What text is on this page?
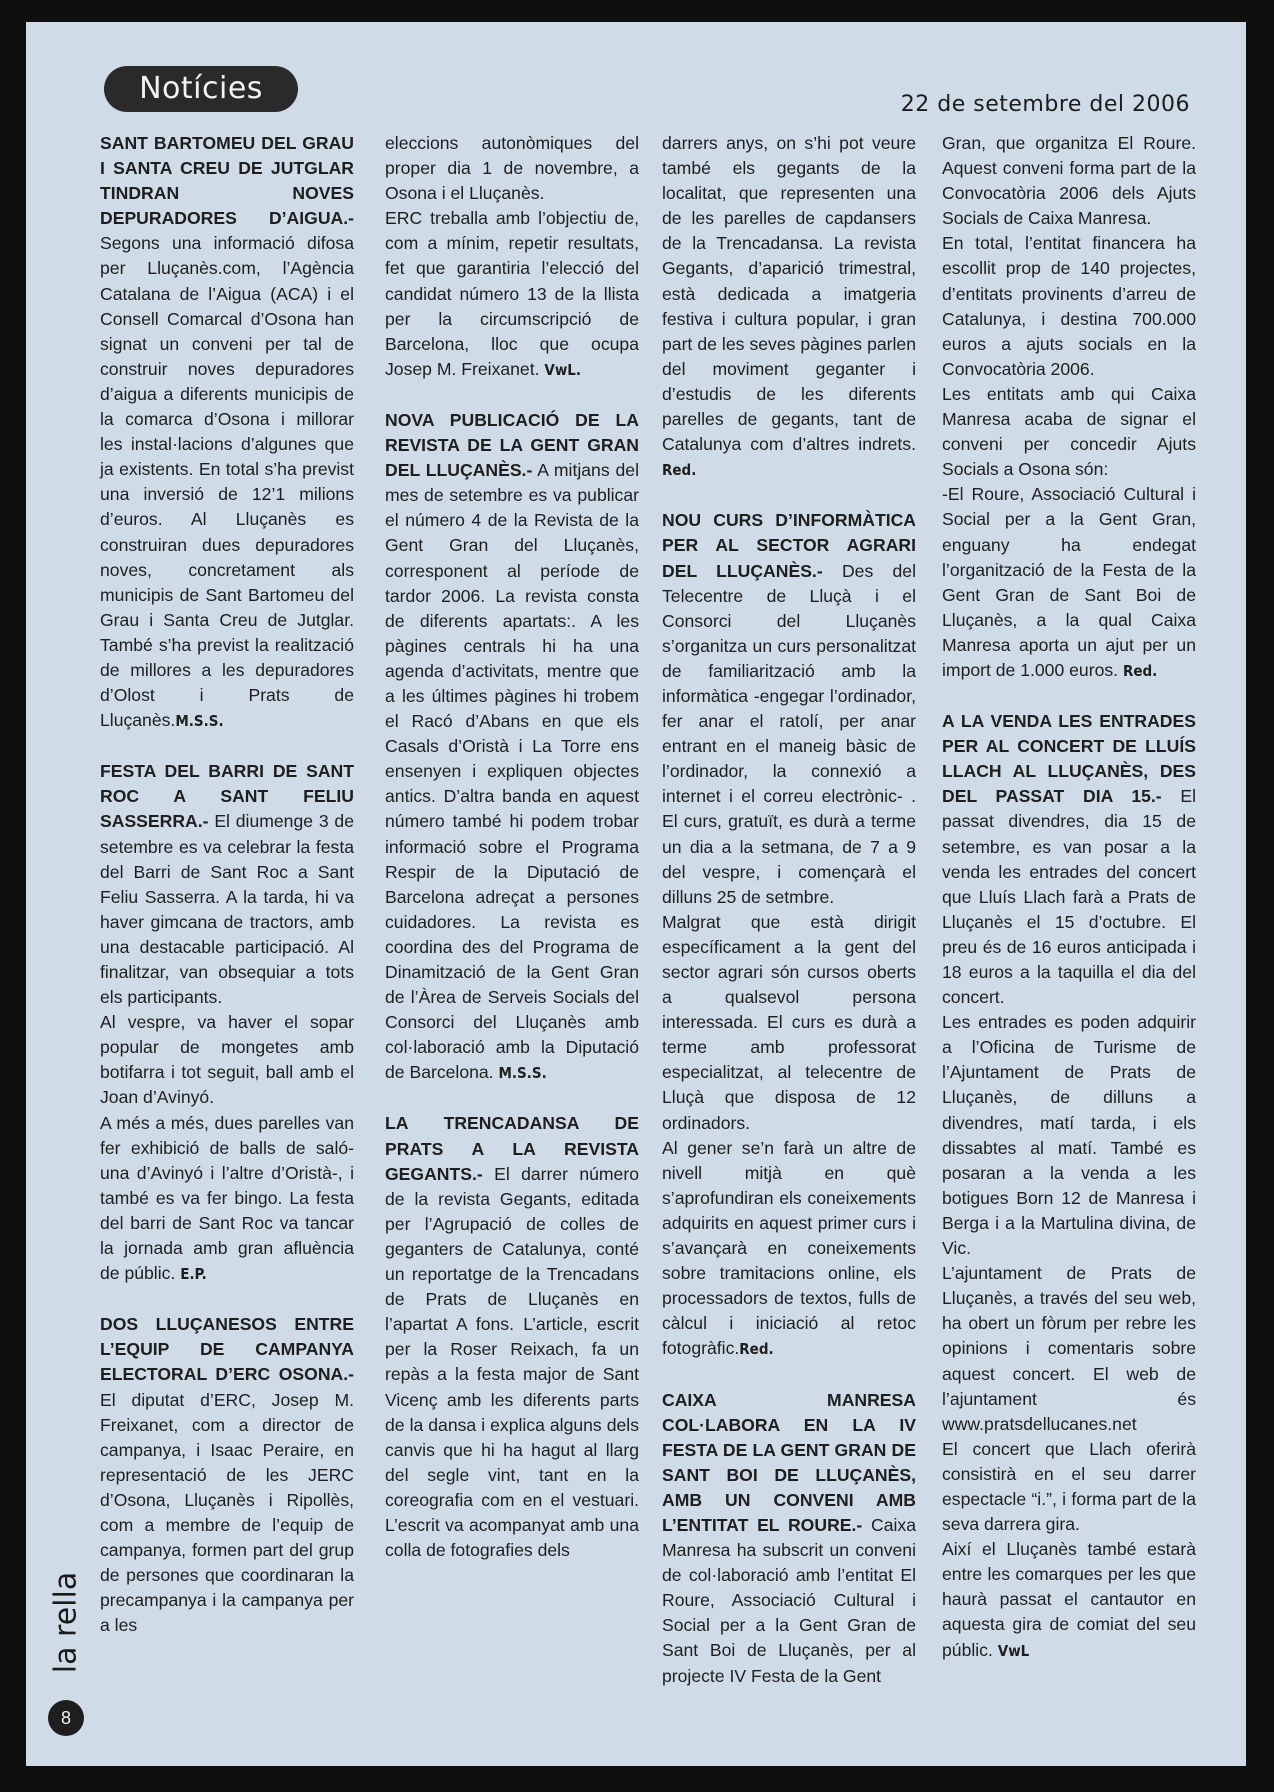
Notícies	22 de setembre del 2006

SANT BARTOMEU DEL GRAU I SANTA CREU DE JUTGLAR TINDRAN NOVES DEPURADORES D’AIGUA.- Segons una informació difosa per Lluçanès.com, l’Agència Catalana de l’Aigua (ACA) i el Consell Comarcal d’Osona han signat un conveni per tal de construir noves depuradores d’aigua a diferents municipis de la comarca d’Osona i millorar les instal·lacions d’algunes que ja existents. En total s’ha previst una inversió de 12’1 milions d’euros. Al Lluçanès es construiran dues depuradores noves, concretament als municipis de Sant Bartomeu del Grau i Santa Creu de Jutglar. També s’ha previst la realització de millores a les depuradores d’Olost i Prats de Lluçanès.M.S.S.

FESTA DEL BARRI DE SANT ROC A SANT FELIU SASSERRA.- El diumenge 3 de setembre es va celebrar la festa del Barri de Sant Roc a Sant Feliu Sasserra. A la tarda, hi va haver gimcana de tractors, amb una destacable participació. Al finalitzar, van obsequiar a tots els participants.

Al vespre, va haver el sopar popular de mongetes amb botifarra i tot seguit, ball amb el Joan d’Avinyó.

A més a més, dues parelles van fer exhibició de balls de saló- una d’Avinyó i l’altre d’Oristà-, i també es va fer bingo. La festa del barri de Sant Roc va tancar la jornada amb gran afluència de públic. E.P.

DOS LLUÇANESOS ENTRE L’EQUIP DE CAMPANYA ELECTORAL D’ERC OSONA.- El diputat d’ERC, Josep M. Freixanet, com a director de campanya, i Isaac Peraire, en representació de les JERC d’Osona, Lluçanès i Ripollès, com a membre de l’equip de campanya, formen part del grup de persones que coordinaran la precampanya i la campanya per a les

eleccions autonòmiques del proper dia 1 de novembre, a Osona i el Lluçanès.

ERC treballa amb l’objectiu de, com a mínim, repetir resultats, fet que garantiria l’elecció del candidat número 13 de la llista per la circumscripció de Barcelona, lloc que ocupa Josep M. Freixanet. VwL.

NOVA PUBLICACIÓ DE LA REVISTA DE LA GENT GRAN DEL LLUÇANÈS.- A mitjans del mes de setembre es va publicar el número 4 de la Revista de la Gent Gran del Lluçanès, corresponent al període de tardor 2006. La revista consta de diferents apartats:. A les pàgines centrals hi ha una agenda d’activitats, mentre que a les últimes pàgines hi trobem el Racó d’Abans en que els Casals d’Oristà i La Torre ens ensenyen i expliquen objectes antics. D’altra banda en aquest número també hi podem trobar informació sobre el Programa Respir de la Diputació de Barcelona adreçat a persones cuidadores. La revista es coordina des del Programa de Dinamització de la Gent Gran de l’Àrea de Serveis Socials del Consorci del Lluçanès amb col·laboració amb la Diputació de Barcelona. M.S.S.

LA TRENCADANSA DE PRATS A LA REVISTA GEGANTS.- El darrer número de la revista Gegants, editada per l’Agrupació de colles de geganters de Catalunya, conté un reportatge de la Trencadans de Prats de Lluçanès en l’apartat A fons. L’article, escrit per la Roser Reixach, fa un repàs a la festa major de Sant Vicenç amb les diferents parts de la dansa i explica alguns dels canvis que hi ha hagut al llarg del segle vint, tant en la coreografia com en el vestuari. L’escrit va acompanyat amb una colla de fotografies dels

darrers anys, on s’hi pot veure també els gegants de la localitat, que representen una de les parelles de capdansers de la Trencadansa. La revista Gegants, d’aparició trimestral, està dedicada a imatgeria festiva i cultura popular, i gran part de les seves pàgines parlen del moviment geganter i d’estudis de les diferents parelles de gegants, tant de Catalunya com d’altres indrets. Red.

NOU CURS D’INFORMÀTICA PER AL SECTOR AGRARI DEL LLUÇANÈS.- Des del Telecentre de Lluçà i el Consorci del Lluçanès s’organitza un curs personalitzat de familiarització amb la informàtica -engegar l’ordinador, fer anar el ratolí, per anar entrant en el maneig bàsic de l’ordinador, la connexió a internet i el correu electrònic- . El curs, gratuït, es durà a terme un dia a la setmana, de 7 a 9 del vespre, i començarà el dilluns 25 de setmbre.

Malgrat que està dirigit específicament a la gent del sector agrari són cursos oberts a qualsevol persona interessada. El curs es durà a terme amb professorat especialitzat, al telecentre de Lluçà que disposa de 12 ordinadors.

Al gener se’n farà un altre de nivell mitjà en què s’aprofundiran els coneixements adquirits en aquest primer curs i s’avançarà en coneixements sobre tramitacions online, els processadors de textos, fulls de càlcul i iniciació al retoc fotogràfic.Red.

CAIXA MANRESA COL·LABORA EN LA IV FESTA DE LA GENT GRAN DE SANT BOI DE LLUÇANÈS, AMB UN CONVENI AMB L’ENTITAT EL ROURE.- Caixa Manresa ha subscrit un conveni de col·laboració amb l’entitat El Roure, Associació Cultural i Social per a la Gent Gran de Sant Boi de Lluçanès, per al projecte IV Festa de la Gent

Gran, que organitza El Roure. Aquest conveni forma part de la Convocatòria 2006 dels Ajuts Socials de Caixa Manresa.

En total, l’entitat financera ha escollit prop de 140 projectes, d’entitats provinents d’arreu de Catalunya, i destina 700.000 euros a ajuts socials en la Convocatòria 2006.

Les entitats amb qui Caixa Manresa acaba de signar el conveni per concedir Ajuts Socials a Osona són:

-El Roure, Associació Cultural i Social per a la Gent Gran, enguany ha endegat l’organització de la Festa de la Gent Gran de Sant Boi de Lluçanès, a la qual Caixa Manresa aporta un ajut per un import de 1.000 euros. Red.

A LA VENDA LES ENTRADES PER AL CONCERT DE LLUÍS LLACH AL LLUÇANÈS, DES DEL PASSAT DIA 15.- El passat divendres, dia 15 de setembre, es van posar a la venda les entrades del concert que Lluís Llach farà a Prats de Lluçanès el 15 d’octubre. El preu és de 16 euros anticipada i 18 euros a la taquilla el dia del concert.

Les entrades es poden adquirir a l’Oficina de Turisme de l’Ajuntament de Prats de Lluçanès, de dilluns a divendres, matí tarda, i els dissabtes al matí. També es posaran a la venda a les botigues Born 12 de Manresa i Berga i a la Martulina divina, de Vic.

L’ajuntament de Prats de Lluçanès, a través del seu web, ha obert un fòrum per rebre les opinions i comentaris sobre aquest concert. El web de l’ajuntament és www.pratsdellucanes.net

El concert que Llach oferirà consistirà en el seu darrer espectacle “i.”, i forma part de la seva darrera gira.

Així el Lluçanès també estarà entre les comarques per les que haurà passat el cantautor en aquesta gira de comiat del seu públic. VwL

la rella
8
